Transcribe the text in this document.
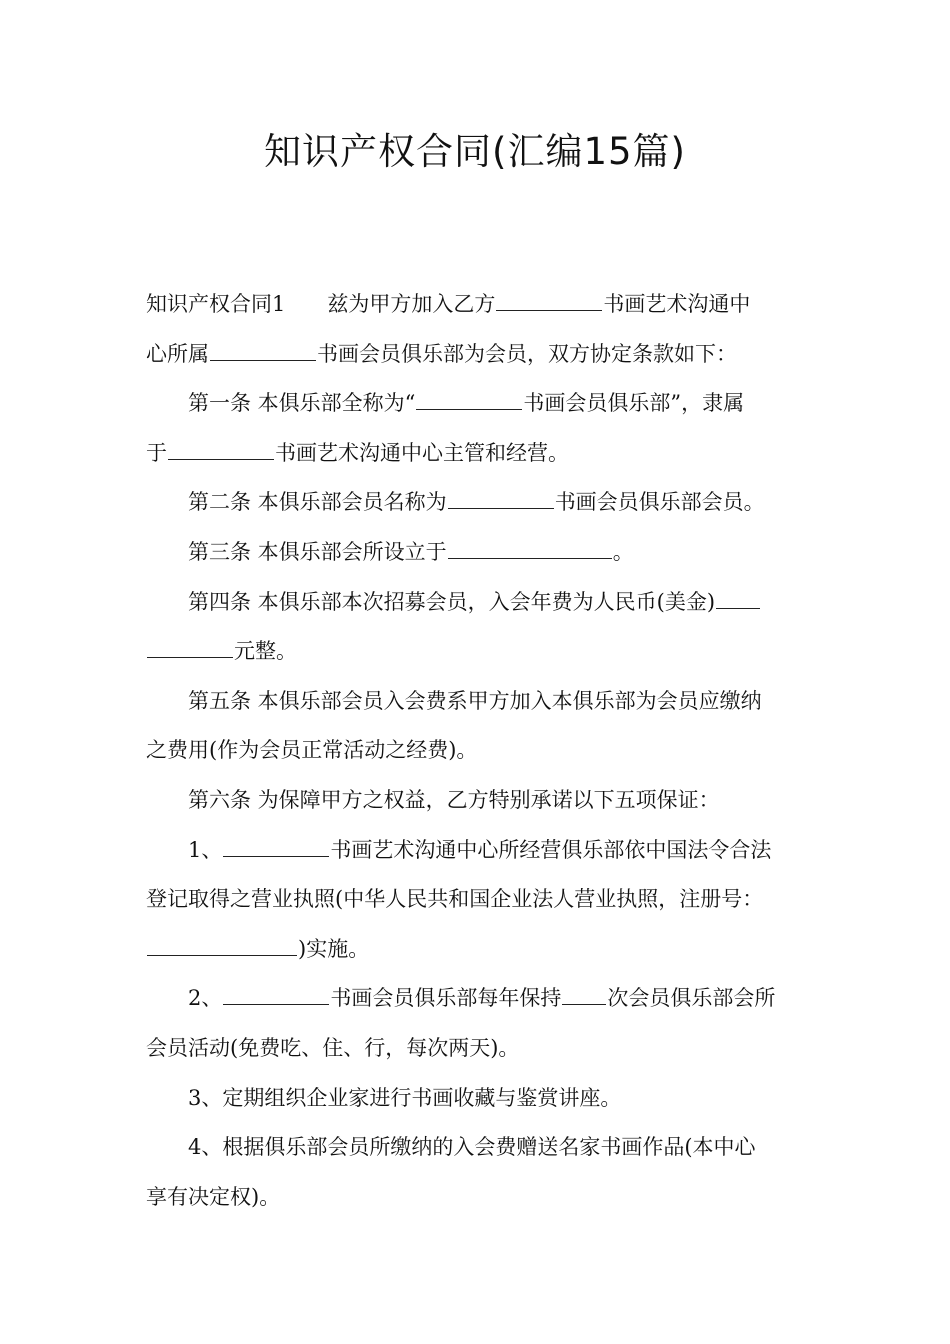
知识产权合同(汇编15篇)
知识产权合同1 兹为甲方加入乙方	书画艺术沟通中
心所属	书画会员俱乐部为会员，双方协定条款如下：
第一条 本俱乐部全称为“	书画会员俱乐部”，隶属
于	书画艺术沟通中心主管和经营。
第二条 本俱乐部会员名称为	书画会员俱乐部会员。
第三条 本俱乐部会所设立于	。
第四条 本俱乐部本次招募会员，入会年费为人民币(美金)
元整。
第五条 本俱乐部会员入会费系甲方加入本俱乐部为会员应缴纳
之费用(作为会员正常活动之经费)。
第六条 为保障甲方之权益，乙方特别承诺以下五项保证：
1、	书画艺术沟通中心所经营俱乐部依中国法令合法
登记取得之营业执照(中华人民共和国企业法人营业执照，注册号：
)实施。
2、	书画会员俱乐部每年保持 次会员俱乐部会所
会员活动(免费吃、住、行，每次两天)。
3、定期组织企业家进行书画收藏与鉴赏讲座。
4、根据俱乐部会员所缴纳的入会费赠送名家书画作品(本中心
享有决定权)。
